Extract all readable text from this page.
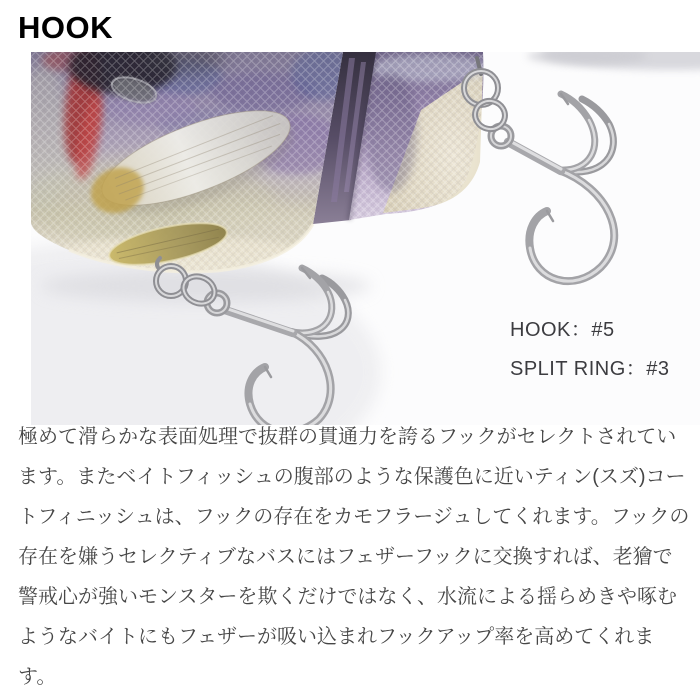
HOOK
HOOK：#5
SPLIT RING：#3

極めて滑らかな表面処理で抜群の貫通力を誇るフックがセレクトされています。またベイトフィッシュの腹部のような保護色に近いティン(スズ)コートフィニッシュは、フックの存在をカモフラージュしてくれます。フックの存在を嫌うセレクティブなバスにはフェザーフックに交換すれば、老獪で警戒心が強いモンスターを欺くだけではなく、水流による揺らめきや啄むようなバイトにもフェザーが吸い込まれフックアップ率を高めてくれます。
